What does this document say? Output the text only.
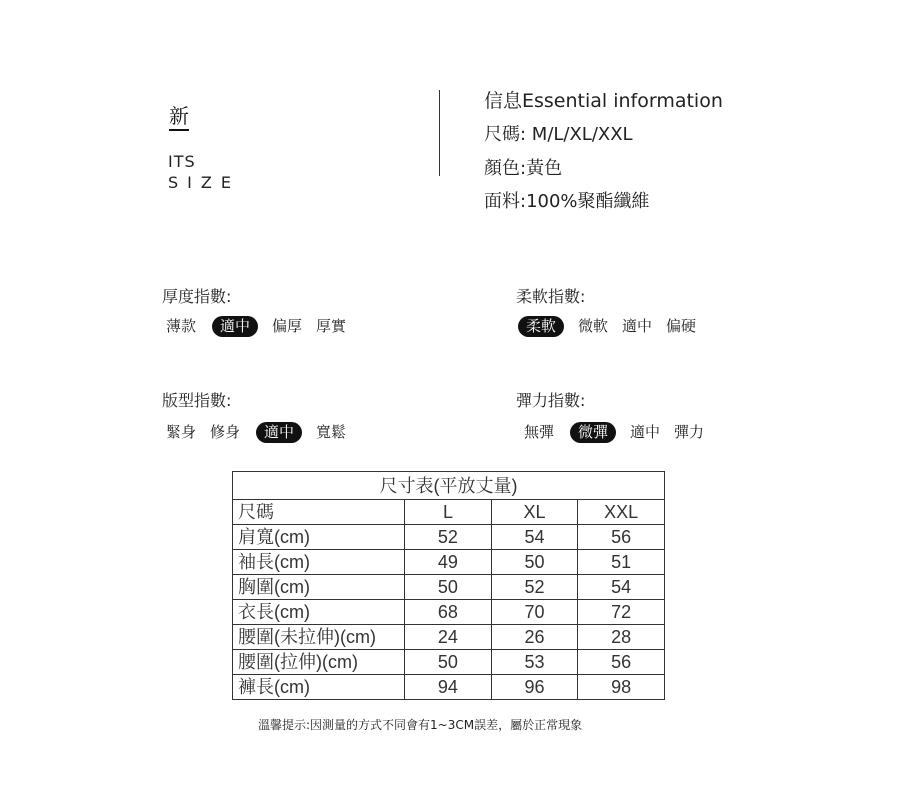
新
ITS
SIZE
信息Essential information
尺碼: M/L/XL/XXL
顏色:黃色
面料:100%聚酯纖維
厚度指數:
薄款	適中	偏厚 厚實
柔軟指數:
柔軟	微軟 適中 偏硬
版型指數:
緊身 修身	適中	寬鬆
彈力指數:
無彈	微彈	適中 彈力
尺寸表(平放丈量)			
尺碼	L	XL	XXL
肩寬(cm)	52	54	56
袖長(cm)	49	50	51
胸圍(cm)	50	52	54
衣長(cm)	68	70	72
腰圍(未拉伸)(cm)	24	26	28
腰圍(拉伸)(cm)	50	53	56
褲長(cm)	94	96	98
溫馨提示:因測量的方式不同會有1~3CM誤差，屬於正常現象
